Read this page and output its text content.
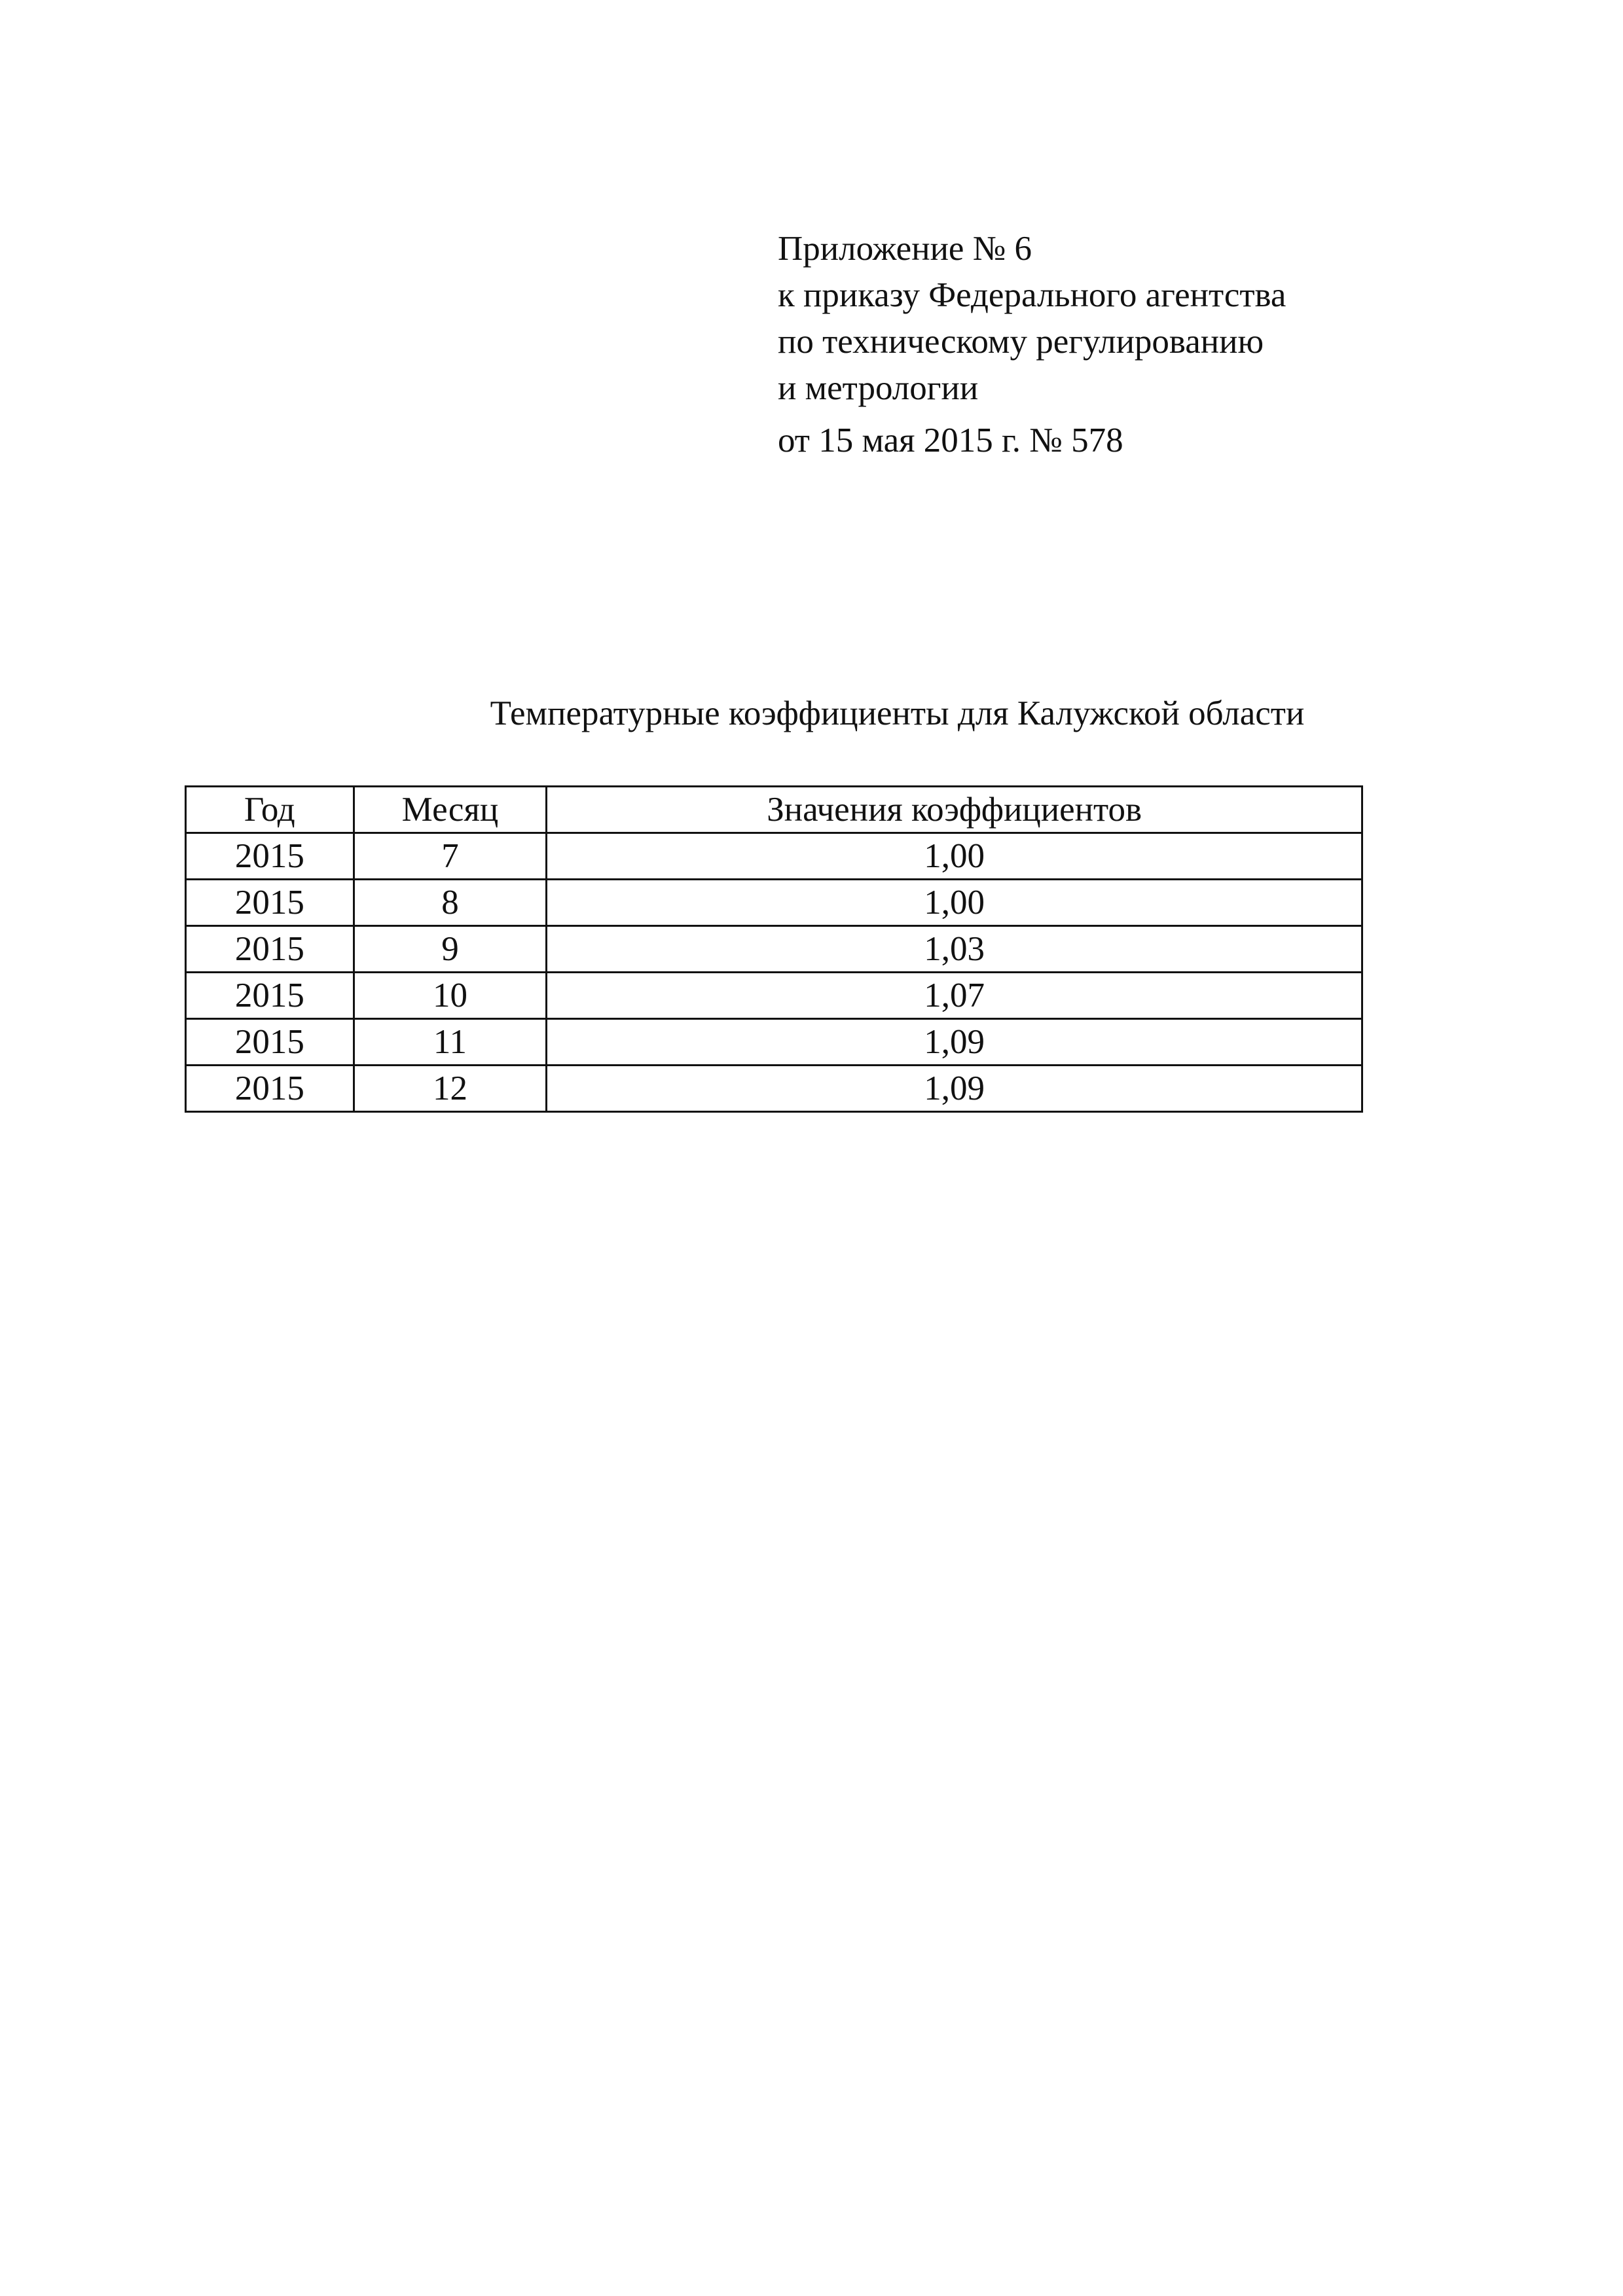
Приложение № 6
к приказу Федерального агентства
по техническому регулированию
и метрологии
от 15 мая 2015 г. № 578
Температурные коэффициенты для Калужской области
Год	Месяц	Значения коэффициентов
2015	7	1,00
2015	8	1,00
2015	9	1,03
2015	10	1,07
2015	11	1,09
2015	12	1,09
